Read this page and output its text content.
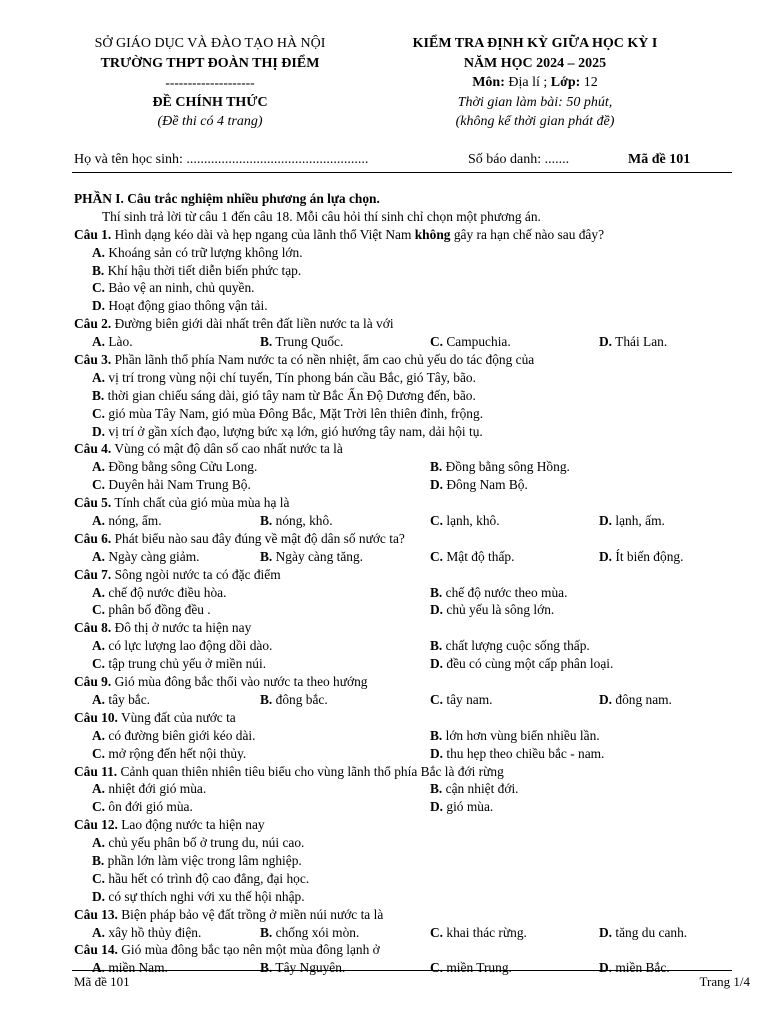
SỞ GIÁO DỤC VÀ ĐÀO TẠO HÀ NỘI
TRƯỜNG THPT ĐOÀN THỊ ĐIỂM
--------------------
ĐỀ CHÍNH THỨC
(Đề thi có 4 trang)
KIỂM TRA ĐỊNH KỲ GIỮA HỌC KỲ I
NĂM HỌC 2024 – 2025
Môn: Địa lí ; Lớp: 12
Thời gian làm bài: 50 phút,
(không kể thời gian phát đề)
Họ và tên học sinh: ....................................................	Số báo danh: .......	Mã đề 101
PHẦN I. Câu trắc nghiệm nhiều phương án lựa chọn.
Thí sinh trả lời từ câu 1 đến câu 18. Mỗi câu hỏi thí sinh chỉ chọn một phương án.
Câu 1. Hình dạng kéo dài và hẹp ngang của lãnh thổ Việt Nam không gây ra hạn chế nào sau đây?
A. Khoáng sản có trữ lượng không lớn.
B. Khí hậu thời tiết diễn biến phức tạp.
C. Bảo vệ an ninh, chủ quyền.
D. Hoạt động giao thông vận tải.
Câu 2. Đường biên giới dài nhất trên đất liền nước ta là với
A. Lào.	B. Trung Quốc.	C. Campuchia.	D. Thái Lan.
Câu 3. Phần lãnh thổ phía Nam nước ta có nền nhiệt, ẩm cao chủ yếu do tác động của
A. vị trí trong vùng nội chí tuyến, Tín phong bán cầu Bắc, gió Tây, bão.
B. thời gian chiếu sáng dài, gió tây nam từ Bắc Ấn Độ Dương đến, bão.
C. gió mùa Tây Nam, gió mùa Đông Bắc, Mặt Trời lên thiên đỉnh, frộng.
D. vị trí ở gần xích đạo, lượng bức xạ lớn, gió hướng tây nam, dải hội tụ.
Câu 4. Vùng có mật độ dân số cao nhất nước ta là
A. Đồng bằng sông Cửu Long.	B. Đồng bằng sông Hồng.
C. Duyên hải Nam Trung Bộ.	D. Đông Nam Bộ.
Câu 5. Tính chất của gió mùa mùa hạ là
A. nóng, ẩm.	B. nóng, khô.	C. lạnh, khô.	D. lạnh, ấm.
Câu 6. Phát biểu nào sau đây đúng về mật độ dân số nước ta?
A. Ngày càng giảm.	B. Ngày càng tăng.	C. Mật độ thấp.	D. Ít biến động.
Câu 7. Sông ngòi nước ta có đặc điểm
A. chế độ nước điều hòa.	B. chế độ nước theo mùa.
C. phân bố đồng đều .	D. chủ yếu là sông lớn.
Câu 8. Đô thị ở nước ta hiện nay
A. có lực lượng lao động dồi dào.	B. chất lượng cuộc sống thấp.
C. tập trung chủ yếu ở miền núi.	D. đều có cùng một cấp phân loại.
Câu 9. Gió mùa đông bắc thổi vào nước ta theo hướng
A. tây bắc.	B. đông bắc.	C. tây nam.	D. đông nam.
Câu 10. Vùng đất của nước ta
A. có đường biên giới kéo dài.	B. lớn hơn vùng biển nhiều lần.
C. mở rộng đến hết nội thủy.	D. thu hẹp theo chiều bắc - nam.
Câu 11. Cảnh quan thiên nhiên tiêu biểu cho vùng lãnh thổ phía Bắc là đới rừng
A. nhiệt đới gió mùa.	B. cận nhiệt đới.
C. ôn đới gió mùa.	D. gió mùa.
Câu 12. Lao động nước ta hiện nay
A. chủ yếu phân bố ở trung du, núi cao.
B. phần lớn làm việc trong lâm nghiệp.
C. hầu hết có trình độ cao đẳng, đại học.
D. có sự thích nghi với xu thế hội nhập.
Câu 13. Biện pháp bảo vệ đất trồng ở miền núi nước ta là
A. xây hồ thủy điện.	B. chống xói mòn.	C. khai thác rừng.	D. tăng du canh.
Câu 14. Gió mùa đông bắc tạo nên một mùa đông lạnh ở
A. miền Nam.	B. Tây Nguyên.	C. miền Trung.	D. miền Bắc.
Mã đề 101	Trang 1/4
